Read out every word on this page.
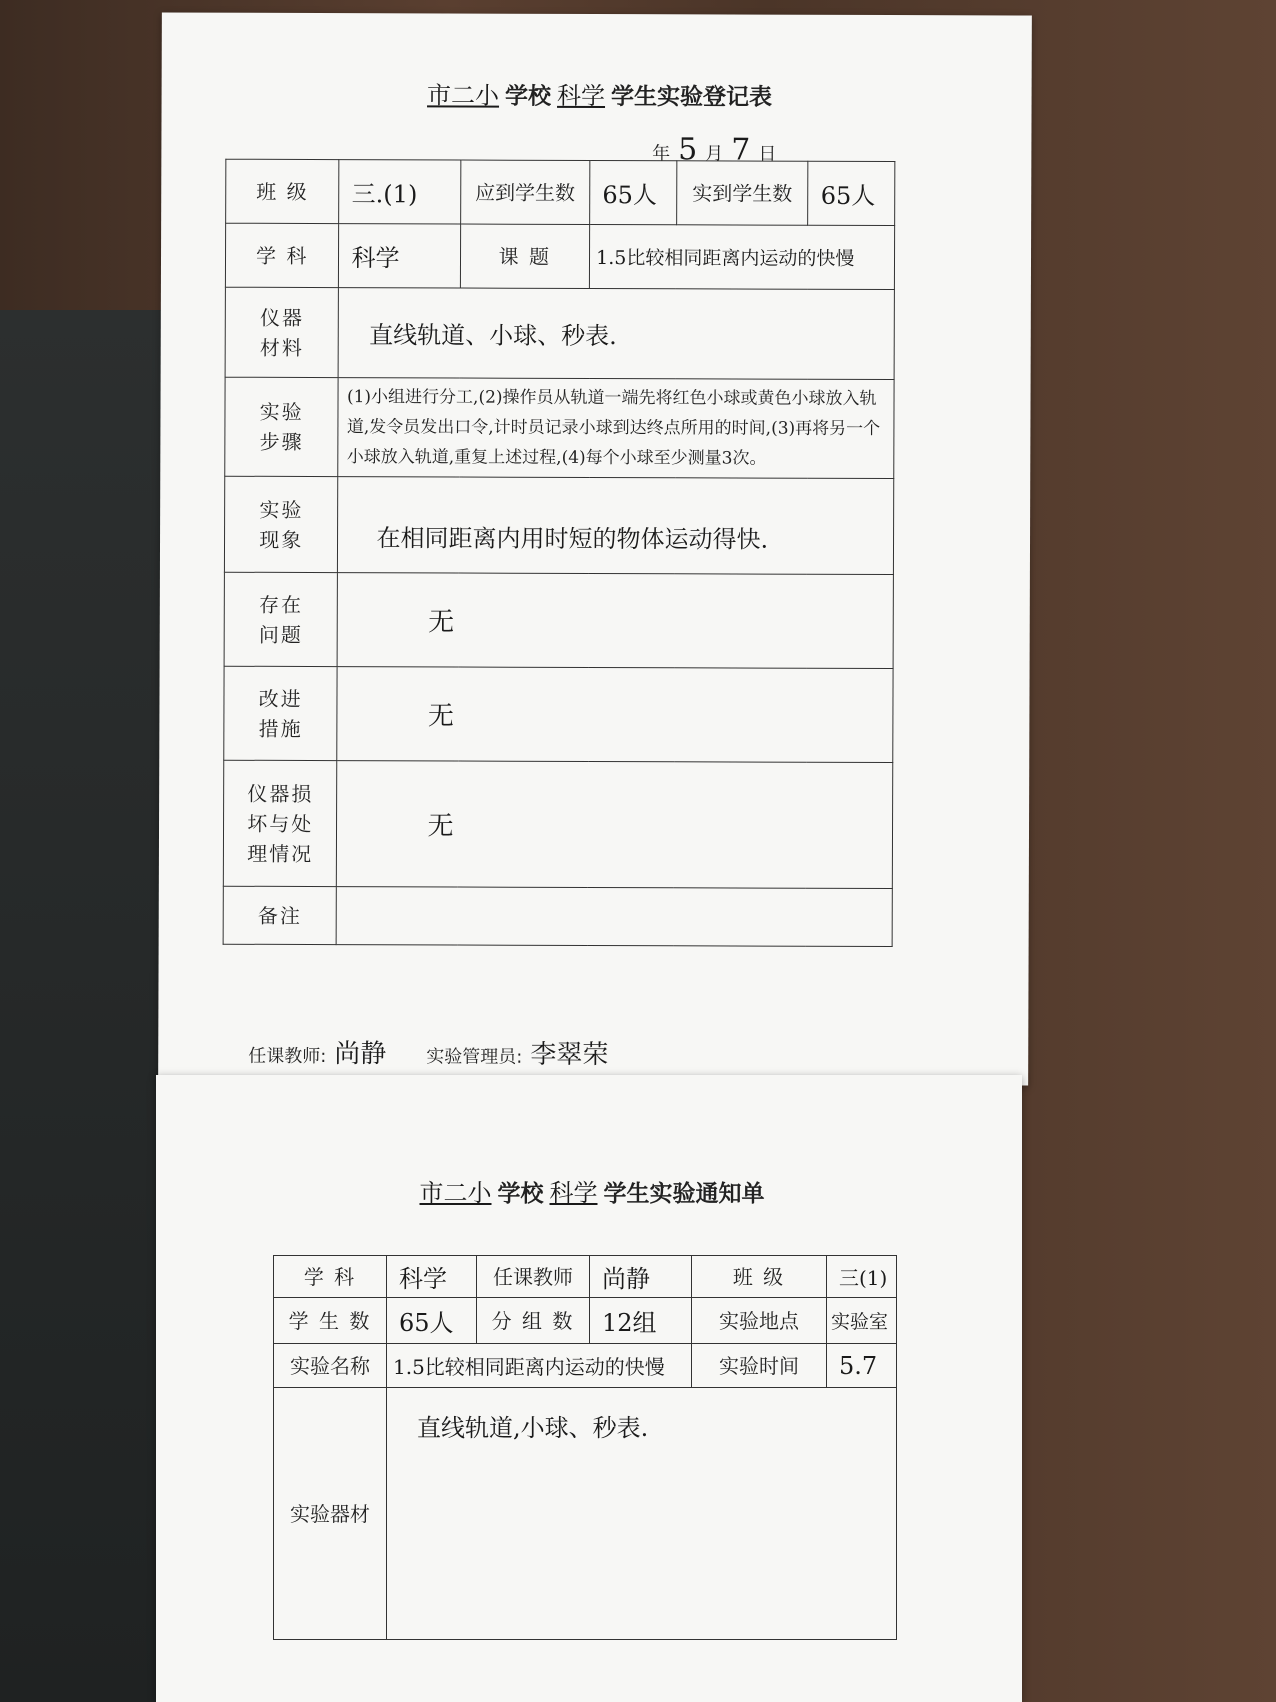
市二小 学校 科学 学生实验登记表
年 5 月 7 日
班 级	三.(1)	应到学生数	65人	实到学生数	65人
学 科	科学	课 题	1.5比较相同距离内运动的快慢		
仪器材料	直线轨道、小球、秒表.				
实验步骤	(1)小组进行分工,(2)操作员从轨道一端先将红色小球或黄色小球放入轨道,发令员发出口令,计时员记录小球到达终点所用的时间,(3)再将另一个小球放入轨道,重复上述过程,(4)每个小球至少测量3次。				
实验现象	在相同距离内用时短的物体运动得快.				
存在问题	无				
改进措施	无				
仪器损坏与处理情况	无				
备注					
任课教师: 尚静 实验管理员: 李翠荣
市二小 学校 科学 学生实验通知单
学 科	科学	任课教师	尚静	班 级	三(1)
学 生 数	65人	分 组 数	12组	实验地点	实验室
实验名称	1.5比较相同距离内运动的快慢			实验时间	5.7
实验器材	直线轨道,小球、秒表.				
